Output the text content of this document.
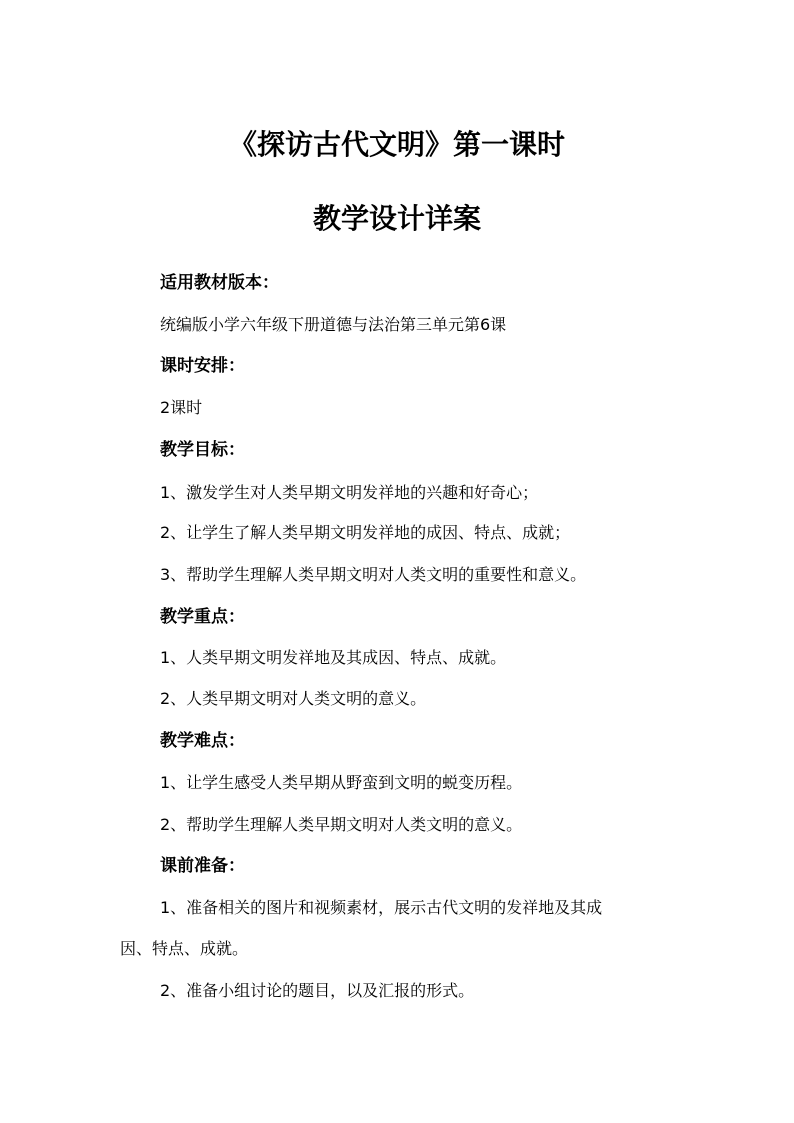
《探访古代文明》第一课时
教学设计详案
适用教材版本：
统编版小学六年级下册道德与法治第三单元第6课
课时安排：
2课时
教学目标：
1、激发学生对人类早期文明发祥地的兴趣和好奇心；
2、让学生了解人类早期文明发祥地的成因、特点、成就；
3、帮助学生理解人类早期文明对人类文明的重要性和意义。
教学重点：
1、人类早期文明发祥地及其成因、特点、成就。
2、人类早期文明对人类文明的意义。
教学难点：
1、让学生感受人类早期从野蛮到文明的蜕变历程。
2、帮助学生理解人类早期文明对人类文明的意义。
课前准备：
1、准备相关的图片和视频素材，展示古代文明的发祥地及其成
因、特点、成就。
2、准备小组讨论的题目，以及汇报的形式。
